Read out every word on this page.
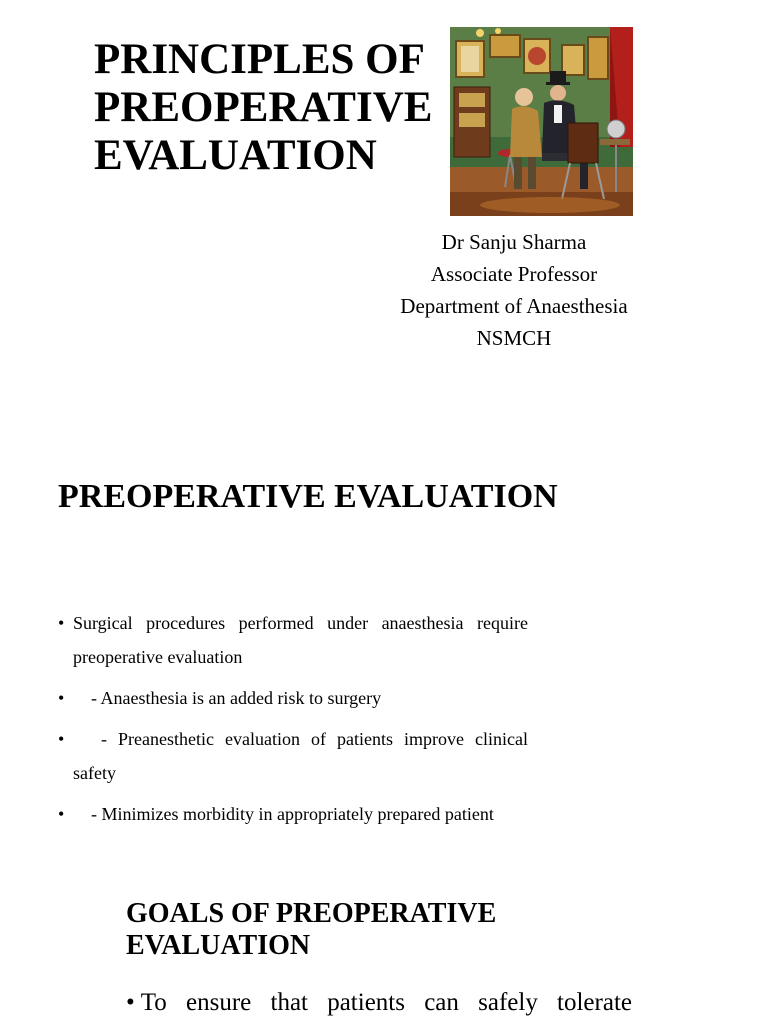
PRINCIPLES OF PREOPERATIVE EVALUATION
Dr Sanju Sharma
Associate Professor
Department of Anaesthesia
NSMCH
PREOPERATIVE EVALUATION
• Surgical procedures performed under anaesthesia require preoperative evaluation
• - Anaesthesia is an added risk to surgery
• - Preanesthetic evaluation of patients improve clinical safety
• - Minimizes morbidity in appropriately prepared patient
GOALS OF PREOPERATIVE EVALUATION
• To ensure that patients can safely tolerate
